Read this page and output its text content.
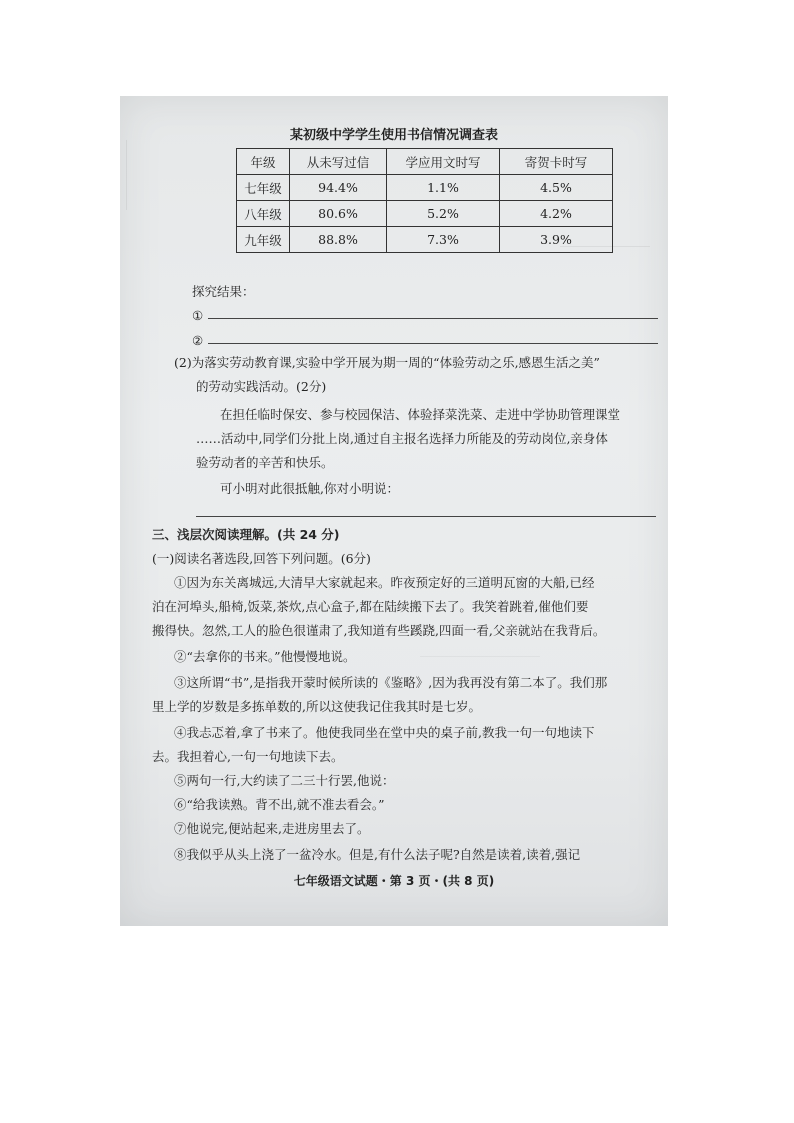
某初级中学学生使用书信情况调查表
年级	从未写过信	学应用文时写	寄贺卡时写
七年级	94.4%	1.1%	4.5%
八年级	80.6%	5.2%	4.2%
九年级	88.8%	7.3%	3.9%
探究结果：
①
②
(2)为落实劳动教育课,实验中学开展为期一周的“体验劳动之乐,感恩生活之美”
的劳动实践活动。(2分)
在担任临时保安、参与校园保洁、体验择菜洗菜、走进中学协助管理课堂
……活动中,同学们分批上岗,通过自主报名选择力所能及的劳动岗位,亲身体
验劳动者的辛苦和快乐。
可小明对此很抵触,你对小明说：
三、浅层次阅读理解。(共 24 分)
(一)阅读名著选段,回答下列问题。(6分)
①因为东关离城远,大清早大家就起来。昨夜预定好的三道明瓦窗的大船,已经
泊在河埠头,船椅,饭菜,茶炊,点心盒子,都在陆续搬下去了。我笑着跳着,催他们要
搬得快。忽然,工人的脸色很谨肃了,我知道有些蹊跷,四面一看,父亲就站在我背后。
②“去拿你的书来。”他慢慢地说。
③这所谓“书”,是指我开蒙时候所读的《鉴略》,因为我再没有第二本了。我们那
里上学的岁数是多拣单数的,所以这使我记住我其时是七岁。
④我忐忑着,拿了书来了。他使我同坐在堂中央的桌子前,教我一句一句地读下
去。我担着心,一句一句地读下去。
⑤两句一行,大约读了二三十行罢,他说：
⑥“给我读熟。背不出,就不准去看会。”
⑦他说完,便站起来,走进房里去了。
⑧我似乎从头上浇了一盆冷水。但是,有什么法子呢?自然是读着,读着,强记
七年级语文试题・第 3 页・(共 8 页)
